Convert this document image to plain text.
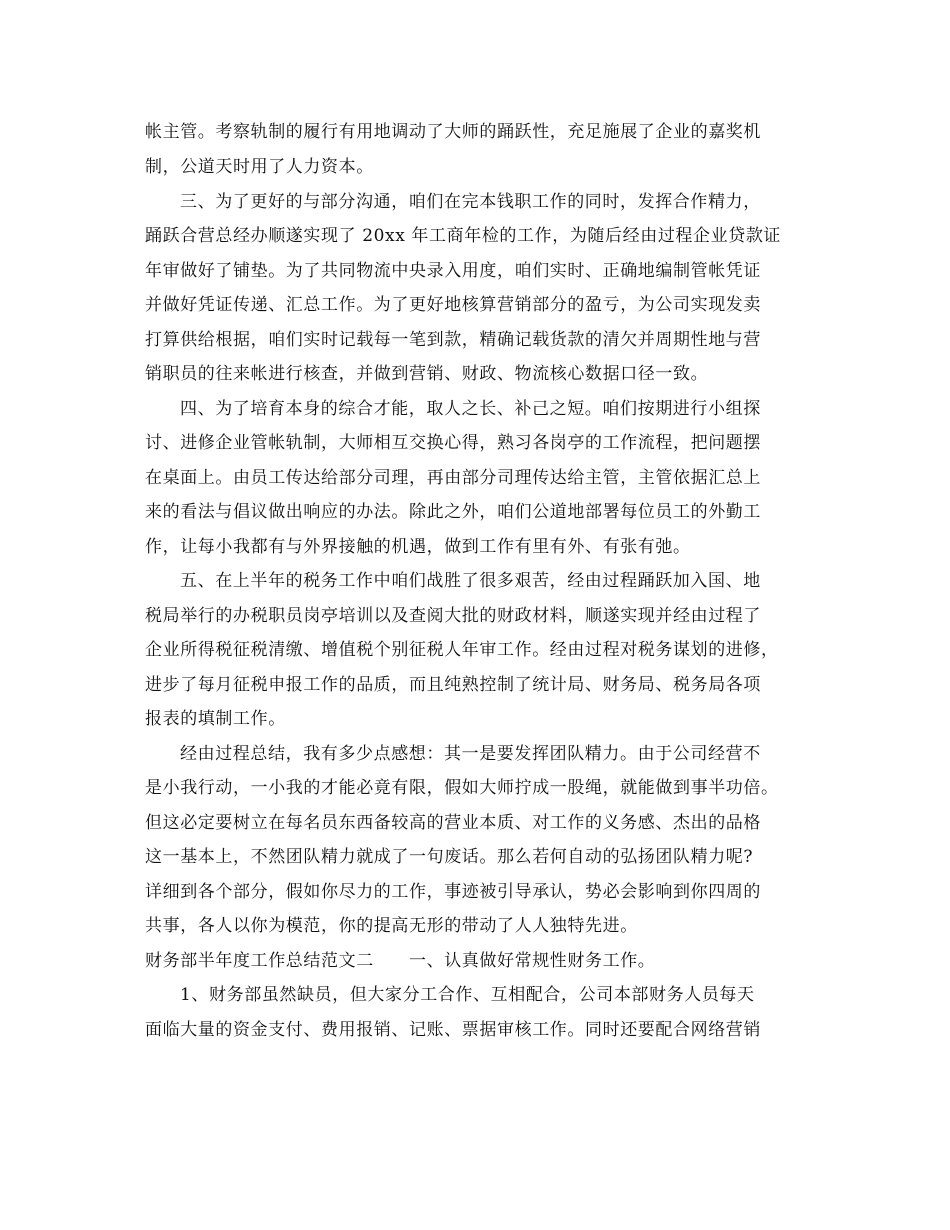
帐主管。考察轨制的履行有用地调动了大师的踊跃性，充足施展了企业的嘉奖机

制，公道天时用了人力资本。

三、为了更好的与部分沟通，咱们在完本钱职工作的同时，发挥合作精力，

踊跃合营总经办顺遂实现了 20xx 年工商年检的工作，为随后经由过程企业贷款证

年审做好了铺垫。为了共同物流中央录入用度，咱们实时、正确地编制管帐凭证

并做好凭证传递、汇总工作。为了更好地核算营销部分的盈亏，为公司实现发卖

打算供给根据，咱们实时记载每一笔到款，精确记载货款的清欠并周期性地与营

销职员的往来帐进行核查，并做到营销、财政、物流核心数据口径一致。

四、为了培育本身的综合才能，取人之长、补己之短。咱们按期进行小组探

讨、进修企业管帐轨制，大师相互交换心得，熟习各岗亭的工作流程，把问题摆

在桌面上。由员工传达给部分司理，再由部分司理传达给主管，主管依据汇总上

来的看法与倡议做出响应的办法。除此之外，咱们公道地部署每位员工的外勤工

作，让每小我都有与外界接触的机遇，做到工作有里有外、有张有弛。

五、在上半年的税务工作中咱们战胜了很多艰苦，经由过程踊跃加入国、地

税局举行的办税职员岗亭培训以及查阅大批的财政材料，顺遂实现并经由过程了

企业所得税征税清缴、增值税个别征税人年审工作。经由过程对税务谋划的进修，

进步了每月征税申报工作的品质，而且纯熟控制了统计局、财务局、税务局各项

报表的填制工作。

经由过程总结，我有多少点感想：其一是要发挥团队精力。由于公司经营不

是小我行动，一小我的才能必竟有限，假如大师拧成一股绳，就能做到事半功倍。

但这必定要树立在每名员东西备较高的营业本质、对工作的义务感、杰出的品格

这一基本上，不然团队精力就成了一句废话。那么若何自动的弘扬团队精力呢?

详细到各个部分，假如你尽力的工作，事迹被引导承认，势必会影响到你四周的

共事，各人以你为模范，你的提高无形的带动了人人独特先进。

财务部半年度工作总结范文二　　一、认真做好常规性财务工作。

1、财务部虽然缺员，但大家分工合作、互相配合，公司本部财务人员每天

面临大量的资金支付、费用报销、记账、票据审核工作。同时还要配合网络营销
